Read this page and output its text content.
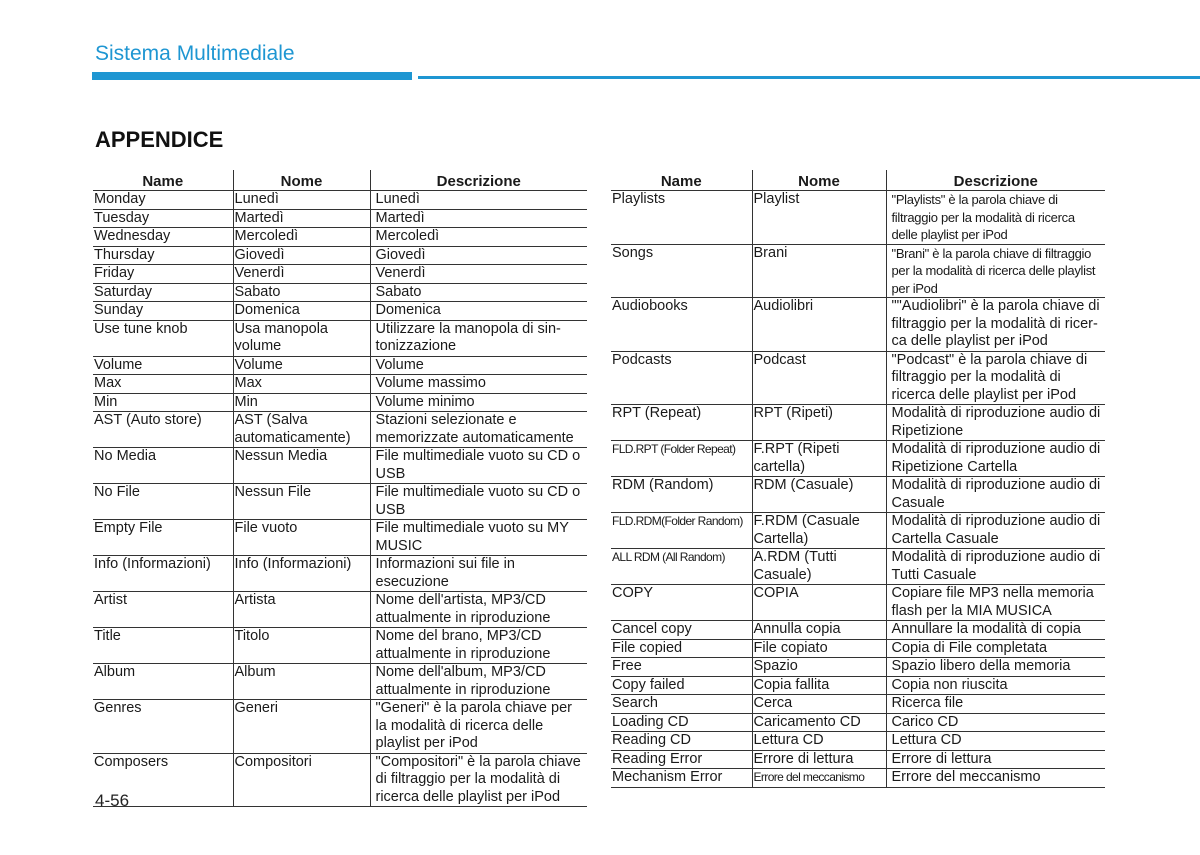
Sistema Multimediale
APPENDICE
Name	Nome	Descrizione
Monday	Lunedì	Lunedì
Tuesday	Martedì	Martedì
Wednesday	Mercoledì	Mercoledì
Thursday	Giovedì	Giovedì
Friday	Venerdì	Venerdì
Saturday	Sabato	Sabato
Sunday	Domenica	Domenica
Use tune knob	Usa manopola volume	Utilizzare la manopola di sin- tonizzazione
Volume	Volume	Volume
Max	Max	Volume massimo
Min	Min	Volume minimo
AST (Auto store)	AST (Salva automaticamente)	Stazioni selezionate e memorizzate automaticamente
No Media	Nessun Media	File multimediale vuoto su CD o USB
No File	Nessun File	File multimediale vuoto su CD o USB
Empty File	File vuoto	File multimediale vuoto su MY MUSIC
Info (Informazioni)	Info (Informazioni)	Informazioni sui file in esecuzione
Artist	Artista	Nome dell'artista, MP3/CD attualmente in riproduzione
Title	Titolo	Nome del brano, MP3/CD attualmente in riproduzione
Album	Album	Nome dell'album, MP3/CD attualmente in riproduzione
Genres	Generi	"Generi" è la parola chiave per la modalità di ricerca delle playlist per iPod
Composers	Compositori	"Compositori" è la parola chiave di filtraggio per la modalità di ricerca delle playlist per iPod
Name	Nome	Descrizione
Playlists	Playlist	"Playlists" è la parola chiave di filtraggio per la modalità di ricerca delle playlist per iPod
Songs	Brani	"Brani" è la parola chiave di filtraggio per la modalità di ricerca delle playlist per iPod
Audiobooks	Audiolibri	""Audiolibri" è la parola chiave di filtraggio per la modalità di ricer- ca delle playlist per iPod
Podcasts	Podcast	"Podcast" è la parola chiave di filtraggio per la modalità di ricerca delle playlist per iPod
RPT (Repeat)	RPT (Ripeti)	Modalità di riproduzione audio di Ripetizione
FLD.RPT (Folder Repeat)	F.RPT (Ripeti cartella)	Modalità di riproduzione audio di Ripetizione Cartella
RDM (Random)	RDM (Casuale)	Modalità di riproduzione audio di Casuale
FLD.RDM(Folder Random)	F.RDM (Casuale Cartella)	Modalità di riproduzione audio di Cartella Casuale
ALL RDM (All Random)	A.RDM (Tutti Casuale)	Modalità di riproduzione audio di Tutti Casuale
COPY	COPIA	Copiare file MP3 nella memoria flash per la MIA MUSICA
Cancel copy	Annulla copia	Annullare la modalità di copia
File copied	File copiato	Copia di File completata
Free	Spazio	Spazio libero della memoria
Copy failed	Copia fallita	Copia non riuscita
Search	Cerca	Ricerca file
Loading CD	Caricamento CD	Carico CD
Reading CD	Lettura CD	Lettura CD
Reading Error	Errore di lettura	Errore di lettura
Mechanism Error	Errore del meccanismo	Errore del meccanismo
4-56
